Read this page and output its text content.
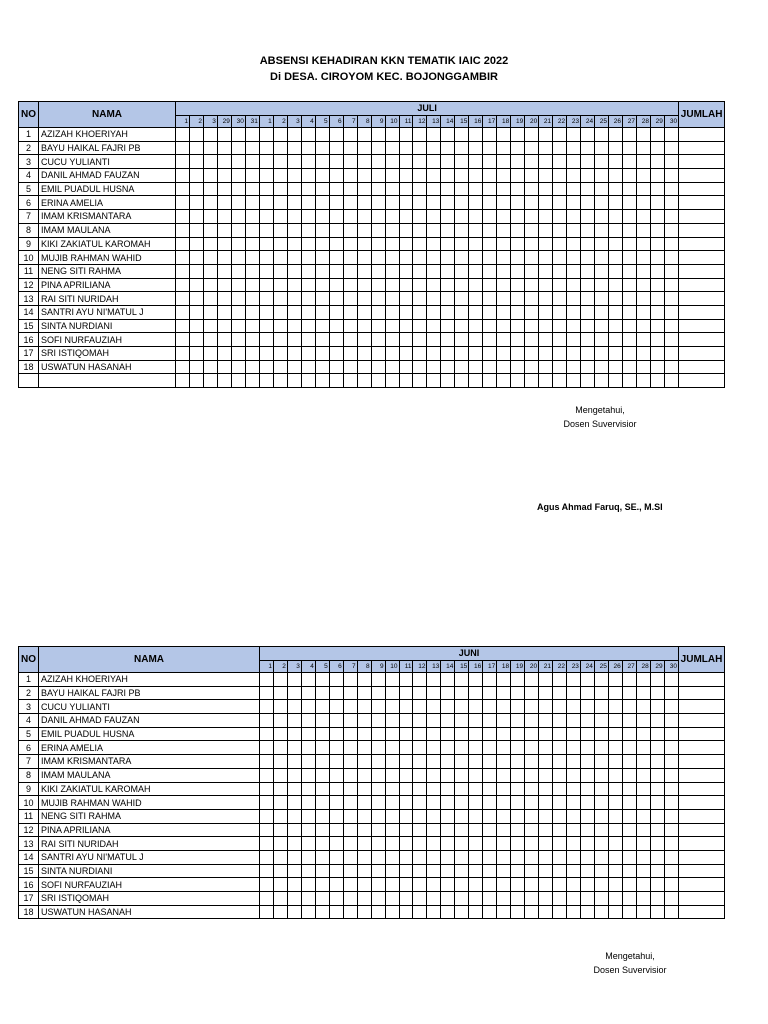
ABSENSI KEHADIRAN KKN TEMATIK IAIC 2022
Di DESA. CIROYOM KEC. BOJONGGAMBIR
NO	NAMA	JULI																																				JUMLAH
		1	2	3	29	30	31	1	2	3	4	5	6	7	8	9	10	11	12	13	14	15	16	17	18	19	20	21	22	23	24	25	26	27	28	29	30	
1	AZIZAH KHOERIYAH																																					
2	BAYU HAIKAL FAJRI PB																																					
3	CUCU YULIANTI																																					
4	DANIL AHMAD FAUZAN																																					
5	EMIL PUADUL HUSNA																																					
6	ERINA AMELIA																																					
7	IMAM KRISMANTARA																																					
8	IMAM MAULANA																																					
9	KIKI ZAKIATUL KAROMAH																																					
10	MUJIB RAHMAN WAHID																																					
11	NENG SITI RAHMA																																					
12	PINA APRILIANA																																					
13	RAI SITI NURIDAH																																					
14	SANTRI AYU NI'MATUL J																																					
15	SINTA NURDIANI																																					
16	SOFI NURFAUZIAH																																					
17	SRI ISTIQOMAH																																					
18	USWATUN HASANAH																																					

Mengetahui,
Dosen Suvervisior
Agus Ahmad Faruq, SE., M.SI
NO	NAMA	JUNI																														JUMLAH
		1	2	3	4	5	6	7	8	9	10	11	12	13	14	15	16	17	18	19	20	21	22	23	24	25	26	27	28	29	30	
1	AZIZAH KHOERIYAH																															
2	BAYU HAIKAL FAJRI PB																															
3	CUCU YULIANTI																															
4	DANIL AHMAD FAUZAN																															
5	EMIL PUADUL HUSNA																															
6	ERINA AMELIA																															
7	IMAM KRISMANTARA																															
8	IMAM MAULANA																															
9	KIKI ZAKIATUL KAROMAH																															
10	MUJIB RAHMAN WAHID																															
11	NENG SITI RAHMA																															
12	PINA APRILIANA																															
13	RAI SITI NURIDAH																															
14	SANTRI AYU NI'MATUL J																															
15	SINTA NURDIANI																															
16	SOFI NURFAUZIAH																															
17	SRI ISTIQOMAH																															
18	USWATUN HASANAH																															
Mengetahui,
Dosen Suvervisior
